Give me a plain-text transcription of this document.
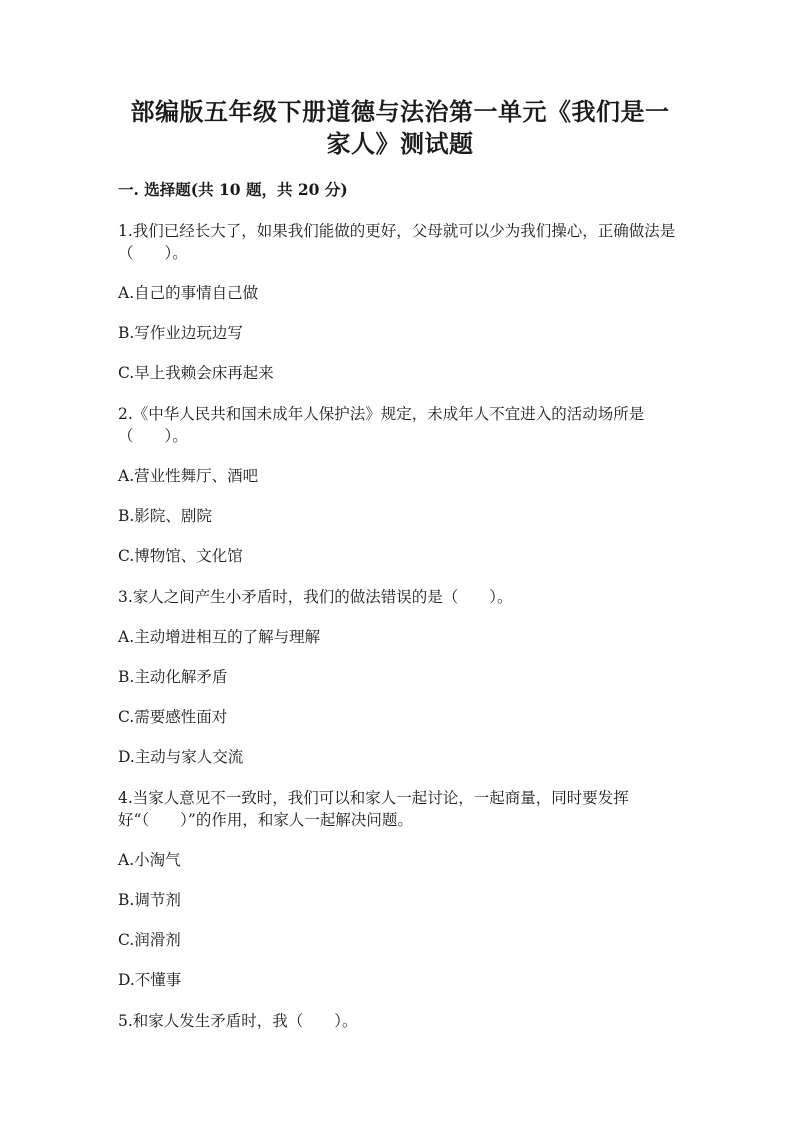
部编版五年级下册道德与法治第一单元《我们是一
家人》测试题
一. 选择题(共 10 题，共 20 分)
1.我们已经长大了，如果我们能做的更好，父母就可以少为我们操心，正确做法是（　　）。
A.自己的事情自己做
B.写作业边玩边写
C.早上我赖会床再起来
2.《中华人民共和国未成年人保护法》规定，未成年人不宜进入的活动场所是（　　）。
A.营业性舞厅、酒吧
B.影院、剧院
C.博物馆、文化馆
3.家人之间产生小矛盾时，我们的做法错误的是（　　）。
A.主动增进相互的了解与理解
B.主动化解矛盾
C.需要感性面对
D.主动与家人交流
4.当家人意见不一致时，我们可以和家人一起讨论，一起商量，同时要发挥好“（　　）”的作用，和家人一起解决问题。
A.小淘气
B.调节剂
C.润滑剂
D.不懂事
5.和家人发生矛盾时，我（　　）。
